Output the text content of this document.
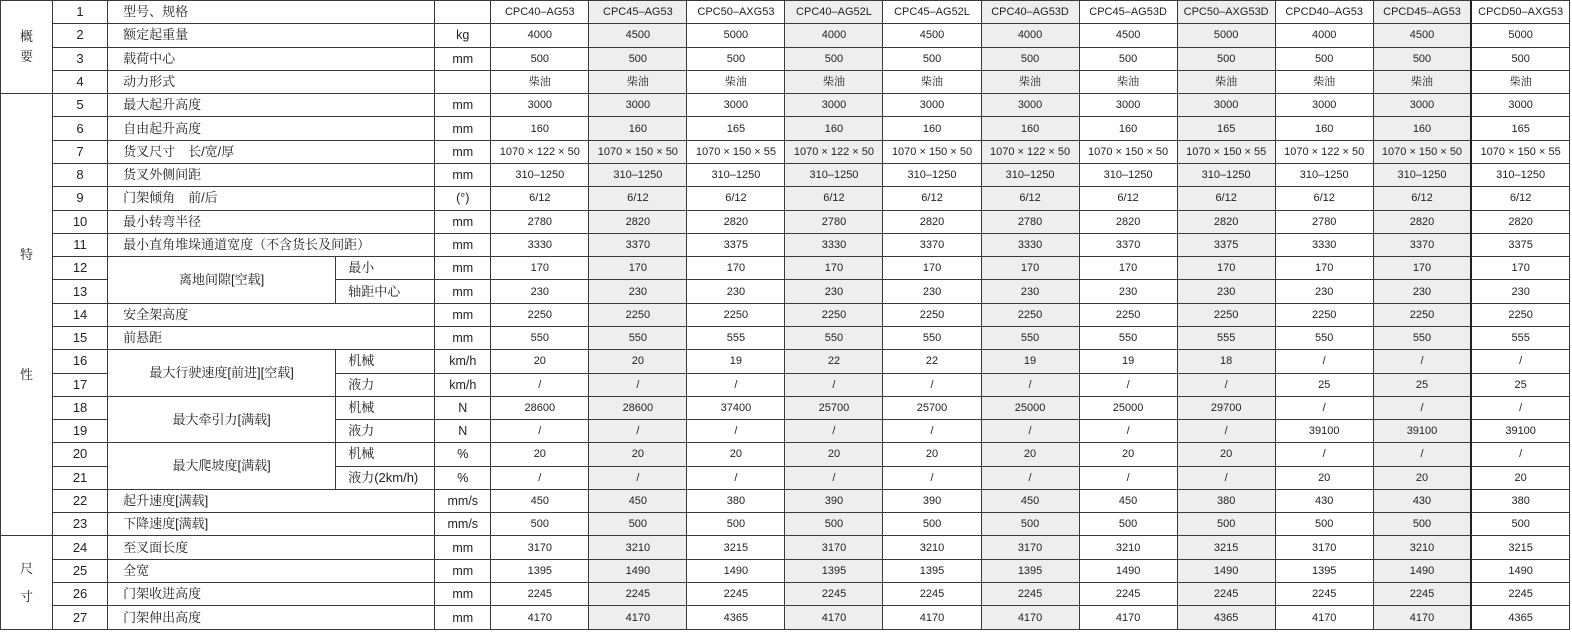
概
要	1	型号、规格			CPC40–AG53	CPC45–AG53	CPC50–AXG53	CPC40–AG52L	CPC45–AG52L	CPC40–AG53D	CPC45–AG53D	CPC50–AXG53D	CPCD40–AG53	CPCD45–AG53	CPCD50–AXG53
	2	额定起重量		kg	4000	4500	5000	4000	4500	4000	4500	5000	4000	4500	5000
	3	载荷中心		mm	500	500	500	500	500	500	500	500	500	500	500
	4	动力形式			柴油	柴油	柴油	柴油	柴油	柴油	柴油	柴油	柴油	柴油	柴油

特
性	5	最大起升高度		mm	3000	3000	3000	3000	3000	3000	3000	3000	3000	3000	3000
	6	自由起升高度		mm	160	160	165	160	160	160	160	165	160	160	165
	7	货叉尺寸　长/宽/厚		mm	1070 × 122 × 50	1070 × 150 × 50	1070 × 150 × 55	1070 × 122 × 50	1070 × 150 × 50	1070 × 122 × 50	1070 × 150 × 50	1070 × 150 × 55	1070 × 122 × 50	1070 × 150 × 50	1070 × 150 × 55
	8	货叉外侧间距		mm	310–1250	310–1250	310–1250	310–1250	310–1250	310–1250	310–1250	310–1250	310–1250	310–1250	310–1250
	9	门架倾角　前/后		(°)	6/12	6/12	6/12	6/12	6/12	6/12	6/12	6/12	6/12	6/12	6/12
	10	最小转弯半径		mm	2780	2820	2820	2780	2820	2780	2820	2820	2780	2820	2820
	11	最小直角堆垛通道宽度（不含货长及间距）		mm	3330	3370	3375	3330	3370	3330	3370	3375	3330	3370	3375
	12	离地间隙[空载]	最小	mm	170	170	170	170	170	170	170	170	170	170	170
	13		轴距中心	mm	230	230	230	230	230	230	230	230	230	230	230
	14	安全架高度		mm	2250	2250	2250	2250	2250	2250	2250	2250	2250	2250	2250
	15	前悬距		mm	550	550	555	550	550	550	550	555	550	550	555
	16	最大行驶速度[前进][空载]	机械	km/h	20	20	19	22	22	19	19	18	/	/	/
	17		液力	km/h	/	/	/	/	/	/	/	/	25	25	25
	18	最大牵引力[满载]	机械	N	28600	28600	37400	25700	25700	25000	25000	29700	/	/	/
	19		液力	N	/	/	/	/	/	/	/	/	39100	39100	39100
	20	最大爬坡度[满载]	机械	%	20	20	20	20	20	20	20	20	/	/	/
	21		液力(2km/h)	%	/	/	/	/	/	/	/	/	20	20	20
	22	起升速度[满载]		mm/s	450	450	380	390	390	450	450	380	430	430	380
	23	下降速度[满载]		mm/s	500	500	500	500	500	500	500	500	500	500	500

尺
寸	24	至叉面长度		mm	3170	3210	3215	3170	3210	3170	3210	3215	3170	3210	3215
	25	全宽		mm	1395	1490	1490	1395	1395	1395	1490	1490	1395	1490	1490
	26	门架收进高度		mm	2245	2245	2245	2245	2245	2245	2245	2245	2245	2245	2245
	27	门架伸出高度		mm	4170	4170	4365	4170	4170	4170	4170	4365	4170	4170	4365
